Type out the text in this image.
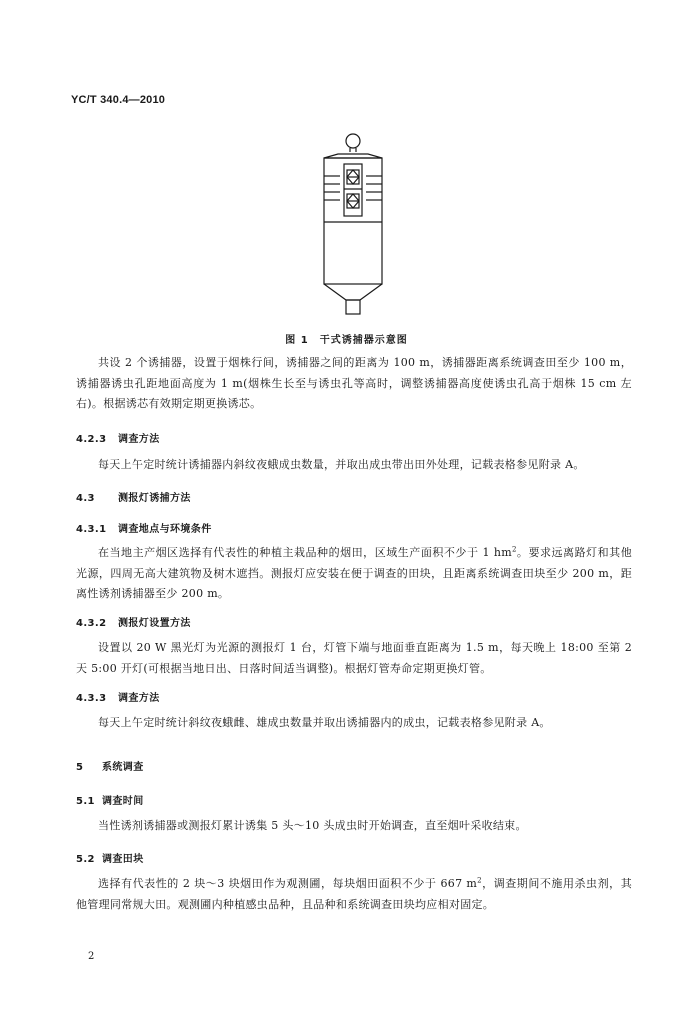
YC/T 340.4—2010
图 1　干式诱捕器示意图

共设 2 个诱捕器，设置于烟株行间，诱捕器之间的距离为 100 m，诱捕器距离系统调查田至少 100 m，诱捕器诱虫孔距地面高度为 1 m(烟株生长至与诱虫孔等高时，调整诱捕器高度使诱虫孔高于烟株 15 cm 左右)。根据诱芯有效期定期更换诱芯。

4.2.3 调查方法

每天上午定时统计诱捕器内斜纹夜蛾成虫数量，并取出成虫带出田外处理，记载表格参见附录 A。

4.3 测报灯诱捕方法
4.3.1 调查地点与环境条件

在当地主产烟区选择有代表性的种植主栽品种的烟田，区域生产面积不少于 1 $hm^2$。要求远离路灯和其他光源，四周无高大建筑物及树木遮挡。测报灯应安装在便于调查的田块，且距离系统调查田块至少 200 m，距离性诱剂诱捕器至少 200 m。

4.3.2 测报灯设置方法

设置以 20 W 黑光灯为光源的测报灯 1 台，灯管下端与地面垂直距离为 1.5 m，每天晚上 18:00 至第 2 天 5:00 开灯(可根据当地日出、日落时间适当调整)。根据灯管寿命定期更换灯管。

4.3.3 调查方法

每天上午定时统计斜纹夜蛾雌、雄成虫数量并取出诱捕器内的成虫，记载表格参见附录 A。

5 系统调查
5.1 调查时间

当性诱剂诱捕器或测报灯累计诱集 5 头～10 头成虫时开始调查，直至烟叶采收结束。

5.2 调查田块

选择有代表性的 2 块～3 块烟田作为观测圃，每块烟田面积不少于 667 $m^2$，调查期间不施用杀虫剂，其他管理同常规大田。观测圃内种植感虫品种，且品种和系统调查田块均应相对固定。

2
